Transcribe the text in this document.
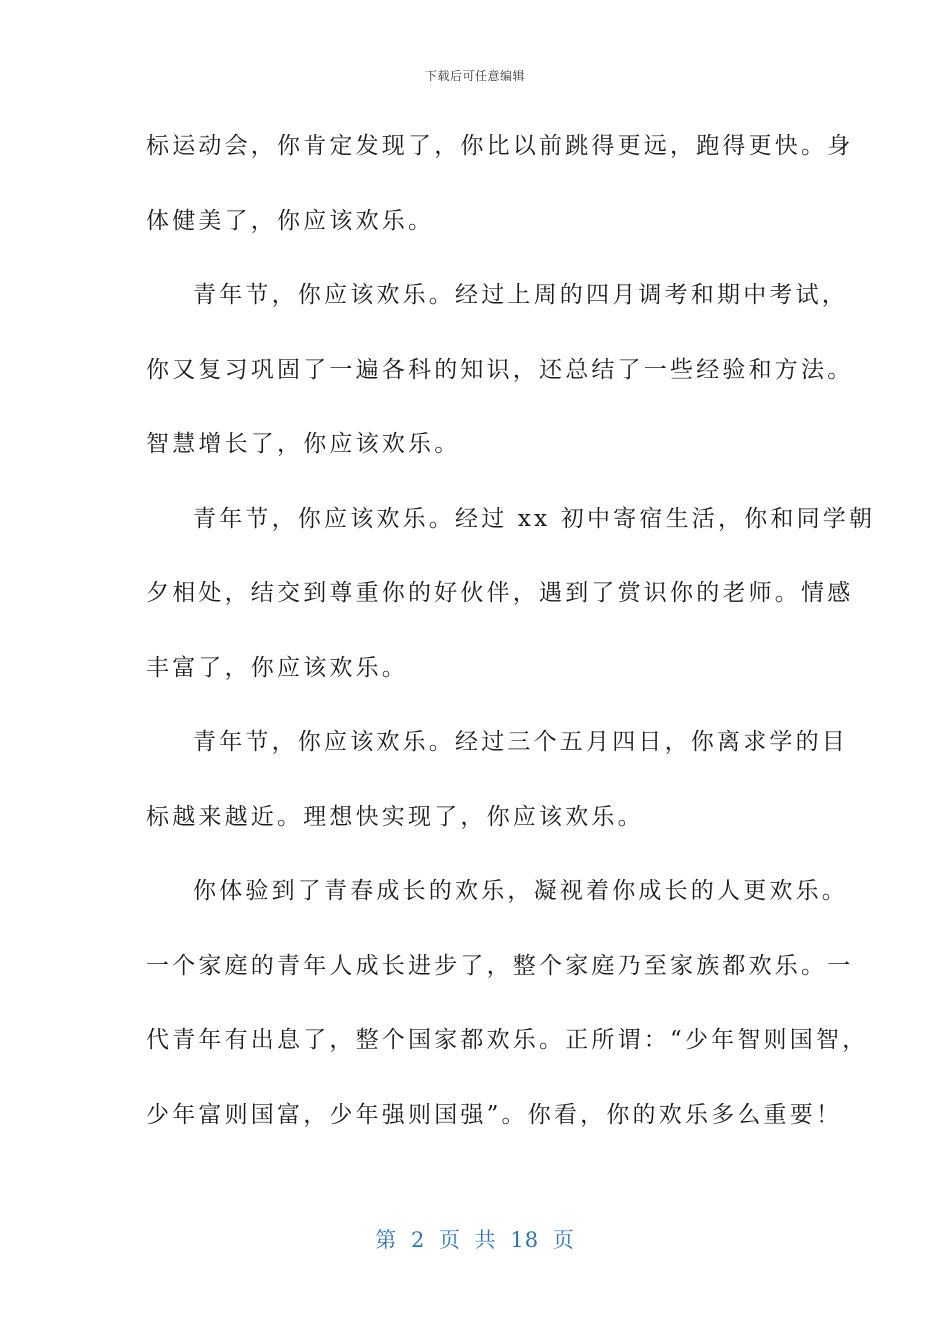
下载后可任意编辑
标运动会，你肯定发现了，你比以前跳得更远，跑得更快。身
体健美了，你应该欢乐。
青年节，你应该欢乐。经过上周的四月调考和期中考试，
你又复习巩固了一遍各科的知识，还总结了一些经验和方法。
智慧增长了，你应该欢乐。
青年节，你应该欢乐。经过 xx 初中寄宿生活，你和同学朝
夕相处，结交到尊重你的好伙伴，遇到了赏识你的老师。情感
丰富了，你应该欢乐。
青年节，你应该欢乐。经过三个五月四日，你离求学的目
标越来越近。理想快实现了，你应该欢乐。
你体验到了青春成长的欢乐，凝视着你成长的人更欢乐。
一个家庭的青年人成长进步了，整个家庭乃至家族都欢乐。一
代青年有出息了，整个国家都欢乐。正所谓：“少年智则国智，
少年富则国富，少年强则国强”。你看，你的欢乐多么重要！
第 2 页 共 18 页
